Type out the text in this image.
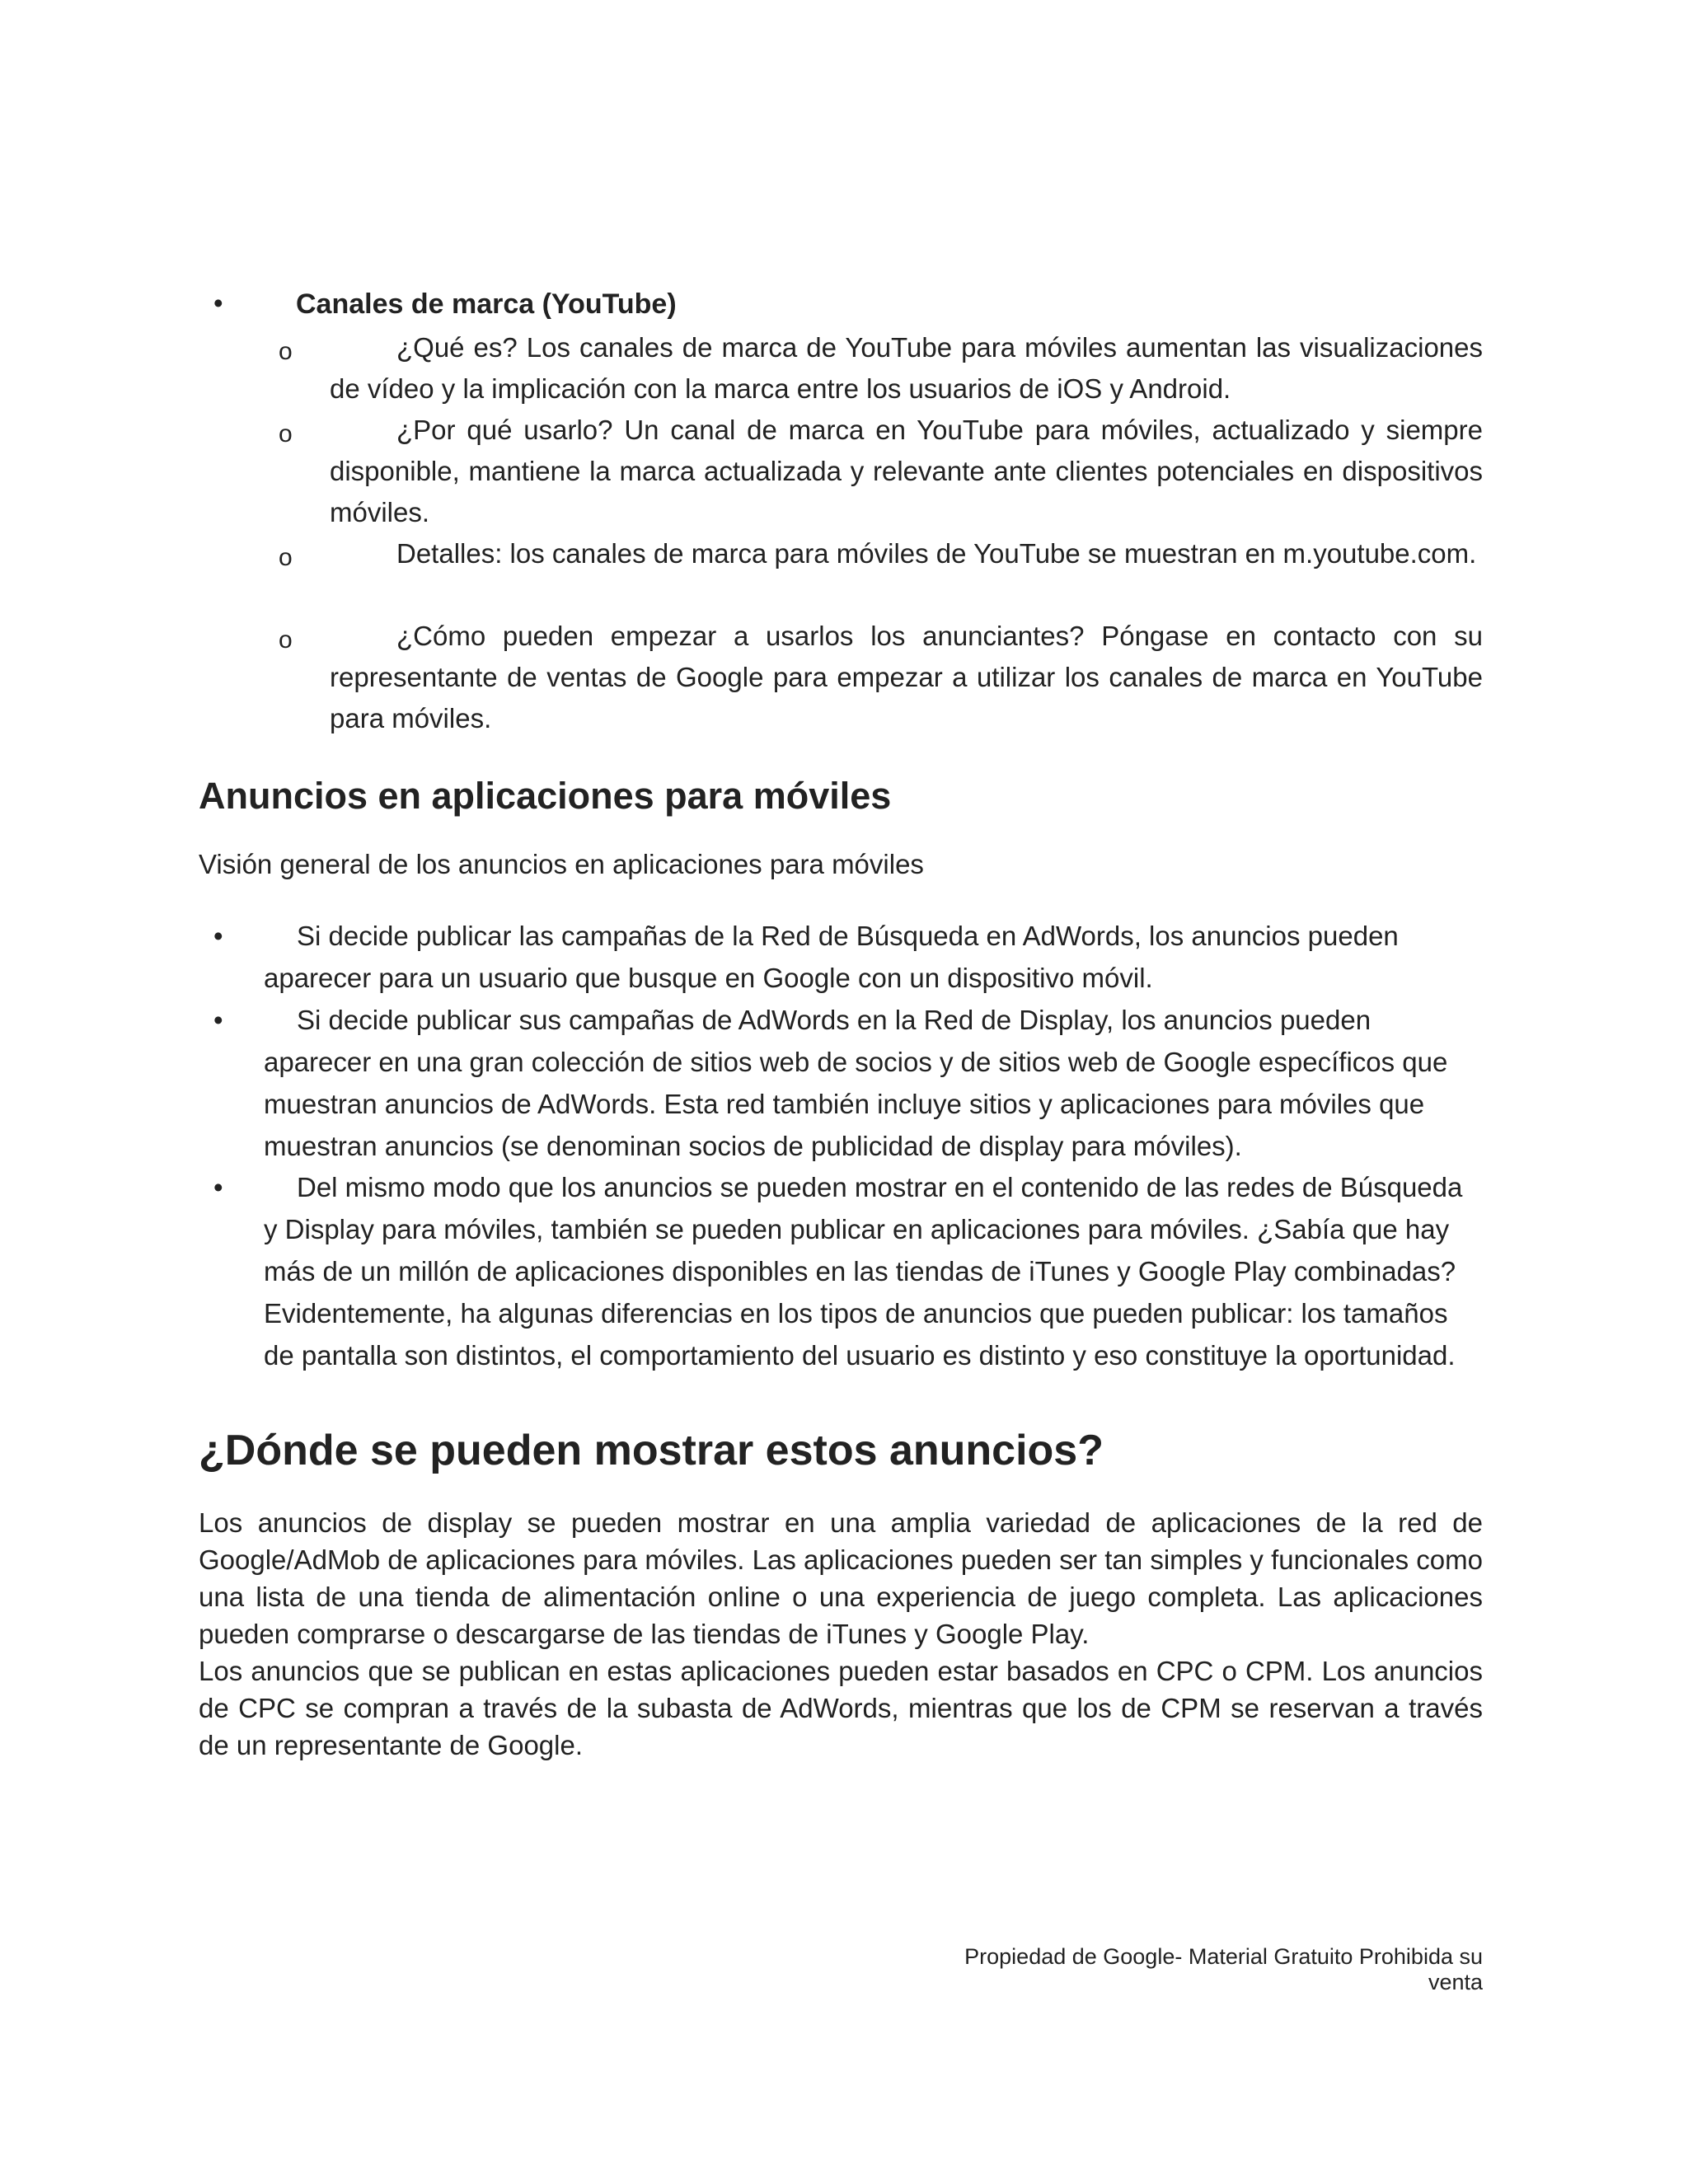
•	Canales de marca (YouTube)
o	¿Qué es? Los canales de marca de YouTube para móviles aumentan las visualizaciones de vídeo y la implicación con la marca entre los usuarios de iOS y Android.
o	¿Por qué usarlo? Un canal de marca en YouTube para móviles, actualizado y siempre disponible, mantiene la marca actualizada y relevante ante clientes potenciales en dispositivos móviles.
o	Detalles: los canales de marca para móviles de YouTube se muestran en m.youtube.com.
o	¿Cómo pueden empezar a usarlos los anunciantes? Póngase en contacto con su representante de ventas de Google para empezar a utilizar los canales de marca en YouTube para móviles.
Anuncios en aplicaciones para móviles
Visión general de los anuncios en aplicaciones para móviles
•	Si decide publicar las campañas de la Red de Búsqueda en AdWords, los anuncios pueden aparecer para un usuario que busque en Google con un dispositivo móvil.
•	Si decide publicar sus campañas de AdWords en la Red de Display, los anuncios pueden aparecer en una gran colección de sitios web de socios y de sitios web de Google específicos que muestran anuncios de AdWords. Esta red también incluye sitios y aplicaciones para móviles que muestran anuncios (se denominan socios de publicidad de display para móviles).
•	Del mismo modo que los anuncios se pueden mostrar en el contenido de las redes de Búsqueda y Display para móviles, también se pueden publicar en aplicaciones para móviles. ¿Sabía que hay más de un millón de aplicaciones disponibles en las tiendas de iTunes y Google Play combinadas? Evidentemente, ha algunas diferencias en los tipos de anuncios que pueden publicar: los tamaños de pantalla son distintos, el comportamiento del usuario es distinto y eso constituye la oportunidad.
¿Dónde se pueden mostrar estos anuncios?
Los anuncios de display se pueden mostrar en una amplia variedad de aplicaciones de la red de Google/AdMob de aplicaciones para móviles. Las aplicaciones pueden ser tan simples y funcionales como una lista de una tienda de alimentación online o una experiencia de juego completa. Las aplicaciones pueden comprarse o descargarse de las tiendas de iTunes y Google Play.
Los anuncios que se publican en estas aplicaciones pueden estar basados en CPC o CPM. Los anuncios de CPC se compran a través de la subasta de AdWords, mientras que los de CPM se reservan a través de un representante de Google.
Propiedad de Google- Material Gratuito Prohibida su venta
